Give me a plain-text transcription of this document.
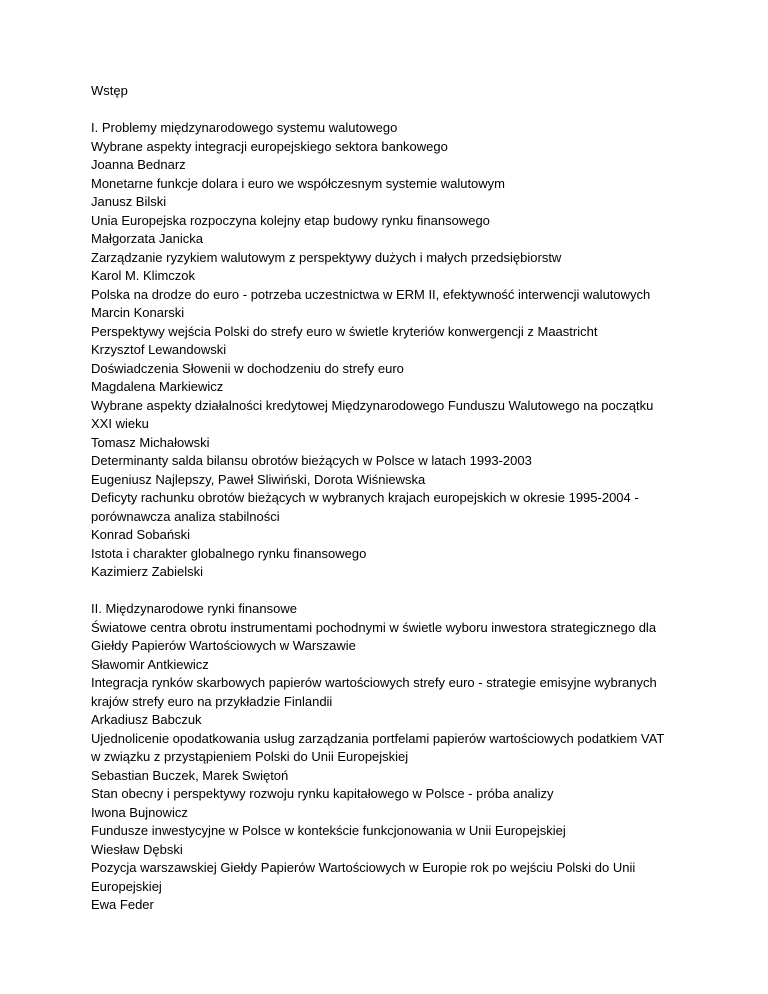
Wstęp

I. Problemy międzynarodowego systemu walutowego

Wybrane aspekty integracji europejskiego sektora bankowego

Joanna Bednarz

Monetarne funkcje dolara i euro we współczesnym systemie walutowym

Janusz Bilski

Unia Europejska rozpoczyna kolejny etap budowy rynku finansowego

Małgorzata Janicka

Zarządzanie ryzykiem walutowym z perspektywy dużych i małych przedsiębiorstw

Karol M. Klimczok

Polska na drodze do euro - potrzeba uczestnictwa w ERM II, efektywność interwencji walutowych

Marcin Konarski

Perspektywy wejścia Polski do strefy euro w świetle kryteriów konwergencji z Maastricht

Krzysztof Lewandowski

Doświadczenia Słowenii w dochodzeniu do strefy euro

Magdalena Markiewicz

Wybrane aspekty działalności kredytowej Międzynarodowego Funduszu Walutowego na początku

XXI wieku

Tomasz Michałowski

Determinanty salda bilansu obrotów bieżących w Polsce w latach 1993-2003

Eugeniusz Najlepszy, Paweł Sliwiński, Dorota Wiśniewska

Deficyty rachunku obrotów bieżących w wybranych krajach europejskich w okresie 1995-2004 -

porównawcza analiza stabilności

Konrad Sobański

Istota i charakter globalnego rynku finansowego

Kazimierz Zabielski

II. Międzynarodowe rynki finansowe

Światowe centra obrotu instrumentami pochodnymi w świetle wyboru inwestora strategicznego dla

Giełdy Papierów Wartościowych w Warszawie

Sławomir Antkiewicz

Integracja rynków skarbowych papierów wartościowych strefy euro - strategie emisyjne wybranych

krajów strefy euro na przykładzie Finlandii

Arkadiusz Babczuk

Ujednolicenie opodatkowania usług zarządzania portfelami papierów wartościowych podatkiem VAT

w związku z przystąpieniem Polski do Unii Europejskiej

Sebastian Buczek, Marek Swiętoń

Stan obecny i perspektywy rozwoju rynku kapitałowego w Polsce - próba analizy

Iwona Bujnowicz

Fundusze inwestycyjne w Polsce w kontekście funkcjonowania w Unii Europejskiej

Wiesław Dębski

Pozycja warszawskiej Giełdy Papierów Wartościowych w Europie rok po wejściu Polski do Unii

Europejskiej

Ewa Feder
